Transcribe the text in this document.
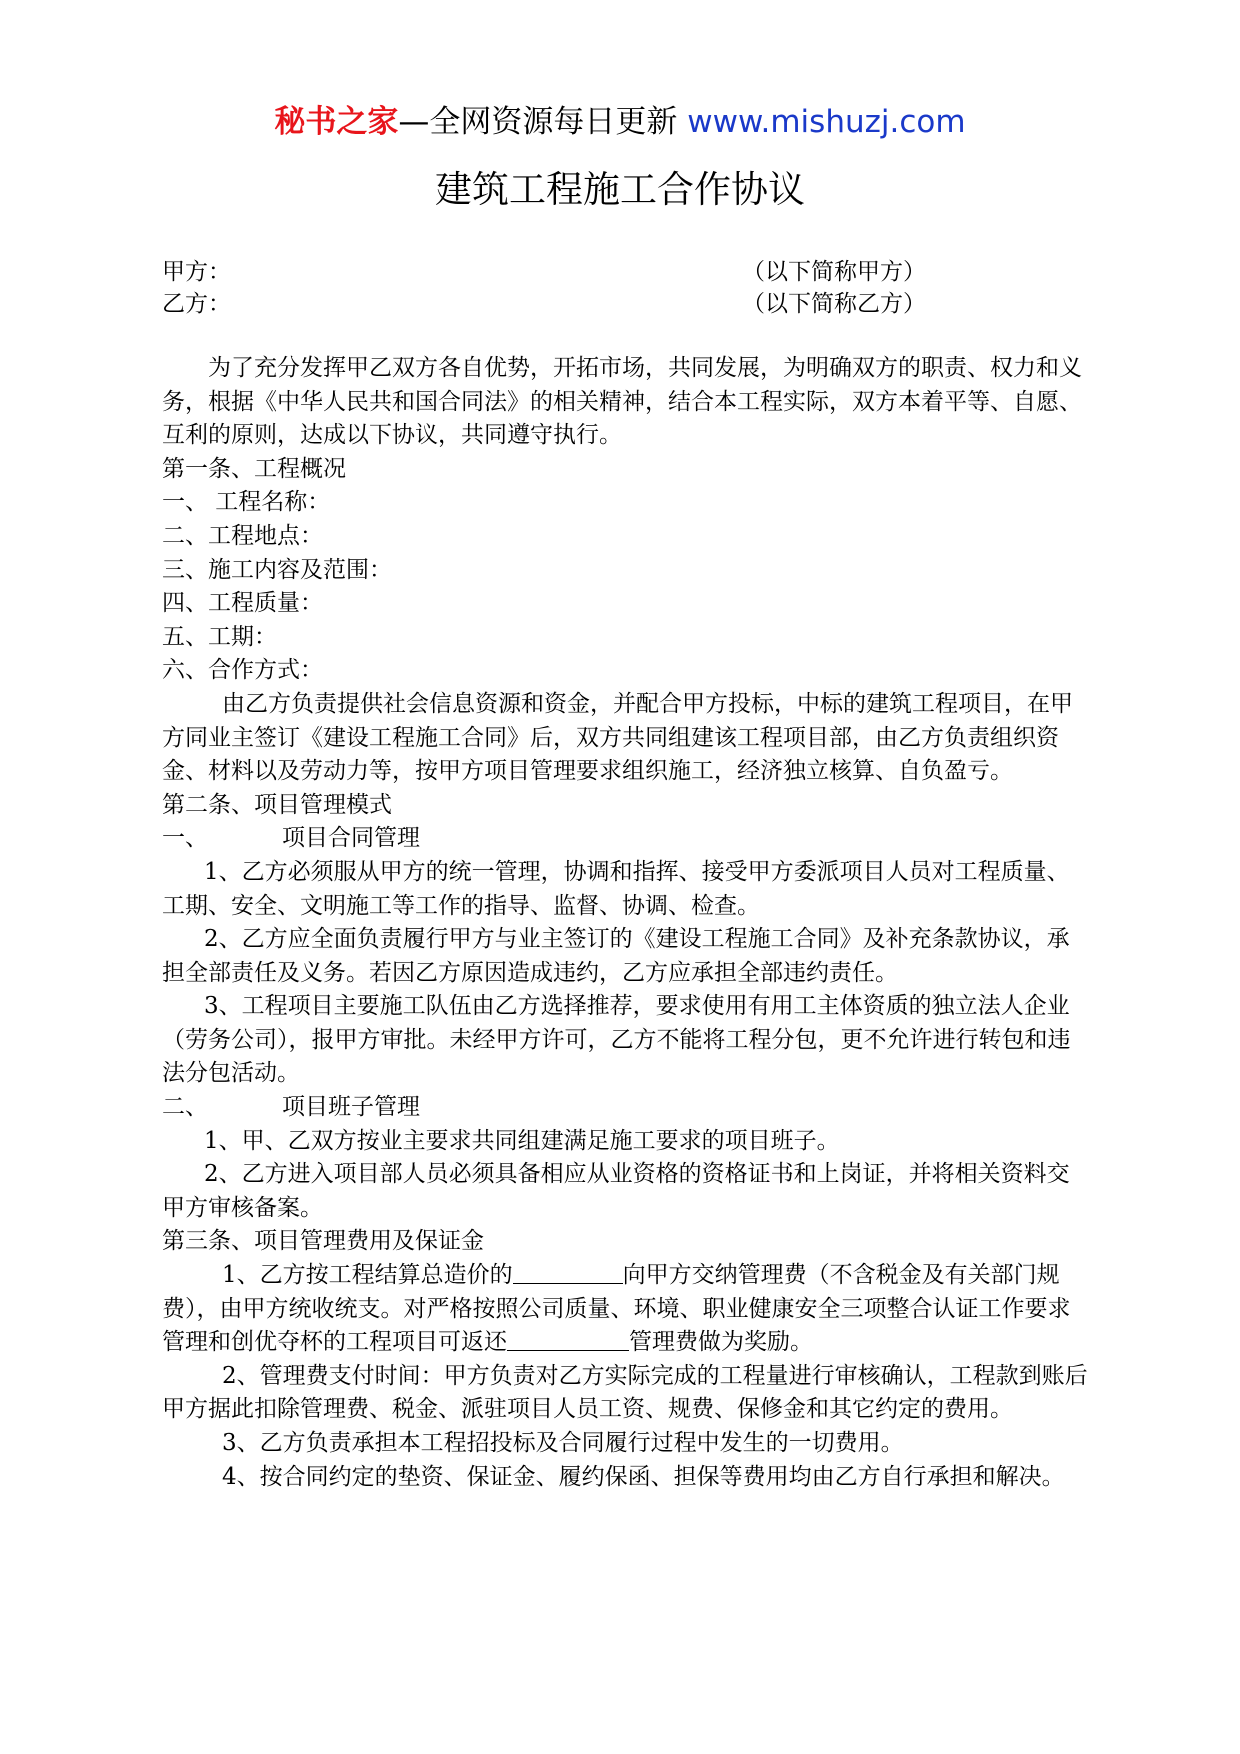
秘书之家—全网资源每日更新 www.mishuzj.com
建筑工程施工合作协议
甲方：	（以下简称甲方）
乙方：	（以下简称乙方）

为了充分发挥甲乙双方各自优势，开拓市场，共同发展，为明确双方的职责、权力和义务，根据《中华人民共和国合同法》的相关精神，结合本工程实际，双方本着平等、自愿、互利的原则，达成以下协议，共同遵守执行。

第一条、工程概况

一、 工程名称：

二、工程地点：

三、施工内容及范围：

四、工程质量：

五、工期：

六、合作方式：

由乙方负责提供社会信息资源和资金，并配合甲方投标，中标的建筑工程项目，在甲方同业主签订《建设工程施工合同》后，双方共同组建该工程项目部，由乙方负责组织资金、材料以及劳动力等，按甲方项目管理要求组织施工，经济独立核算、自负盈亏。

第二条、项目管理模式

一、	项目合同管理

1、乙方必须服从甲方的统一管理，协调和指挥、接受甲方委派项目人员对工程质量、工期、安全、文明施工等工作的指导、监督、协调、检查。

2、乙方应全面负责履行甲方与业主签订的《建设工程施工合同》及补充条款协议，承担全部责任及义务。若因乙方原因造成违约，乙方应承担全部违约责任。

3、工程项目主要施工队伍由乙方选择推荐，要求使用有用工主体资质的独立法人企业（劳务公司），报甲方审批。未经甲方许可，乙方不能将工程分包，更不允许进行转包和违法分包活动。

二、	项目班子管理

1、甲、乙双方按业主要求共同组建满足施工要求的项目班子。

2、乙方进入项目部人员必须具备相应从业资格的资格证书和上岗证，并将相关资料交甲方审核备案。

第三条、项目管理费用及保证金

1、乙方按工程结算总造价的	向甲方交纳管理费（不含税金及有关部门规费），由甲方统收统支。对严格按照公司质量、环境、职业健康安全三项整合认证工作要求管理和创优夺杯的工程项目可返还	管理费做为奖励。

2、管理费支付时间：甲方负责对乙方实际完成的工程量进行审核确认，工程款到账后甲方据此扣除管理费、税金、派驻项目人员工资、规费、保修金和其它约定的费用。

3、乙方负责承担本工程招投标及合同履行过程中发生的一切费用。

4、按合同约定的垫资、保证金、履约保函、担保等费用均由乙方自行承担和解决。
